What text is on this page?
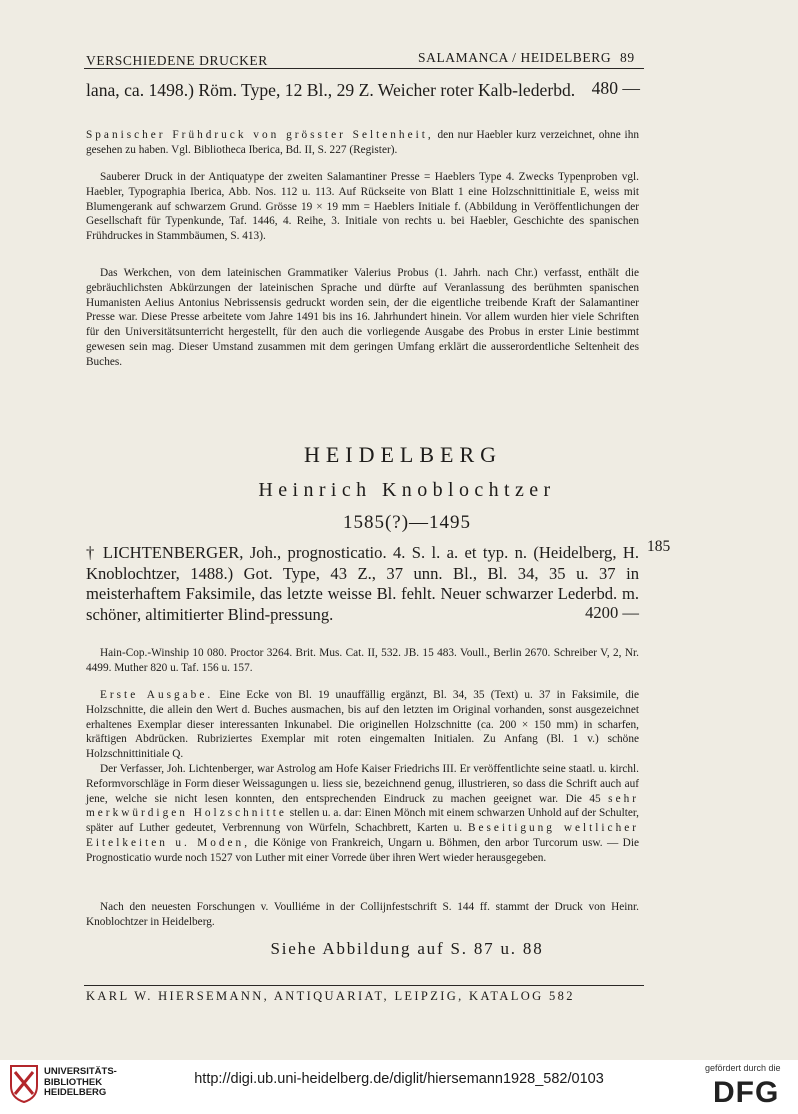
VERSCHIEDENE DRUCKER	SALAMANCA / HEIDELBERG 89
lana, ca. 1498.) Röm. Type, 12 Bl., 29 Z. Weicher roter Kalb-lederbd. 480 —
Spanischer Frühdruck von grösster Seltenheit, den nur Haebler kurz verzeichnet, ohne ihn gesehen zu haben. Vgl. Bibliotheca Iberica, Bd. II, S. 227 (Register).
Sauberer Druck in der Antiquatype der zweiten Salamantiner Presse = Haeblers Type 4. Zwecks Typenproben vgl. Haebler, Typographia Iberica, Abb. Nos. 112 u. 113. Auf Rückseite von Blatt 1 eine Holzschnittinitiale E, weiss mit Blumengerank auf schwarzem Grund. Grösse 19 × 19 mm = Haeblers Initiale f. (Abbildung in Veröffentlichungen der Gesellschaft für Typenkunde, Taf. 1446, 4. Reihe, 3. Initiale von rechts u. bei Haebler, Geschichte des spanischen Frühdruckes in Stammbäumen, S. 413).
Das Werkchen, von dem lateinischen Grammatiker Valerius Probus (1. Jahrh. nach Chr.) verfasst, enthält die gebräuchlichsten Abkürzungen der lateinischen Sprache und dürfte auf Veranlassung des berühmten spanischen Humanisten Aelius Antonius Nebrissensis gedruckt worden sein, der die eigentliche treibende Kraft der Salamantiner Presse war. Diese Presse arbeitete vom Jahre 1491 bis ins 16. Jahrhundert hinein. Vor allem wurden hier viele Schriften für den Universitätsunterricht hergestellt, für den auch die vorliegende Ausgabe des Probus in erster Linie bestimmt gewesen sein mag. Dieser Umstand zusammen mit dem geringen Umfang erklärt die ausserordentliche Seltenheit des Buches.
HEIDELBERG
Heinrich Knoblochtzer
1585(?)—1495
185
† LICHTENBERGER, Joh., prognosticatio. 4. S. l. a. et typ. n. (Heidelberg, H. Knoblochtzer, 1488.) Got. Type, 43 Z., 37 unn. Bl., Bl. 34, 35 u. 37 in meisterhaftem Faksimile, das letzte weisse Bl. fehlt. Neuer schwarzer Lederbd. m. schöner, altimitierter Blind-pressung.	4200 —
Hain-Cop.-Winship 10 080. Proctor 3264. Brit. Mus. Cat. II, 532. JB. 15 483. Voull., Berlin 2670. Schreiber V, 2, Nr. 4499. Muther 820 u. Taf. 156 u. 157.
Erste Ausgabe. Eine Ecke von Bl. 19 unauffällig ergänzt, Bl. 34, 35 (Text) u. 37 in Faksimile, die Holzschnitte, die allein den Wert d. Buches ausmachen, bis auf den letzten im Original vorhanden, sonst ausgezeichnet erhaltenes Exemplar dieser interessanten Inkunabel. Die originellen Holzschnitte (ca. 200 × 150 mm) in scharfen, kräftigen Abdrücken. Rubriziertes Exemplar mit roten eingemalten Initialen. Zu Anfang (Bl. 1 v.) schöne Holzschnittinitiale Q.
Der Verfasser, Joh. Lichtenberger, war Astrolog am Hofe Kaiser Friedrichs III. Er veröffentlichte seine staatl. u. kirchl. Reformvorschläge in Form dieser Weissagungen u. liess sie, bezeichnend genug, illustrieren, so dass die Schrift auch auf jene, welche sie nicht lesen konnten, den entsprechenden Eindruck zu machen geeignet war. Die 45 sehr merkwürdigen Holzschnitte stellen u. a. dar: Einen Mönch mit einem schwarzen Unhold auf der Schulter, später auf Luther gedeutet, Verbrennung von Würfeln, Schachbrett, Karten u. Beseitigung weltlicher Eitelkeiten u. Moden, die Könige von Frankreich, Ungarn u. Böhmen, den arbor Turcorum usw. — Die Prognosticatio wurde noch 1527 von Luther mit einer Vorrede über ihren Wert wieder herausgegeben.
Nach den neuesten Forschungen v. Voulliéme in der Collijnfestschrift S. 144 ff. stammt der Druck von Heinr. Knoblochtzer in Heidelberg.
Siehe Abbildung auf S. 87 u. 88
KARL W. HIERSEMANN, ANTIQUARIAT, LEIPZIG, KATALOG 582
UNIVERSITÄTS-
BIBLIOTHEK
HEIDELBERG
http://digi.ub.uni-heidelberg.de/diglit/hiersemann1928_582/0103
gefördert durch die
DFG
